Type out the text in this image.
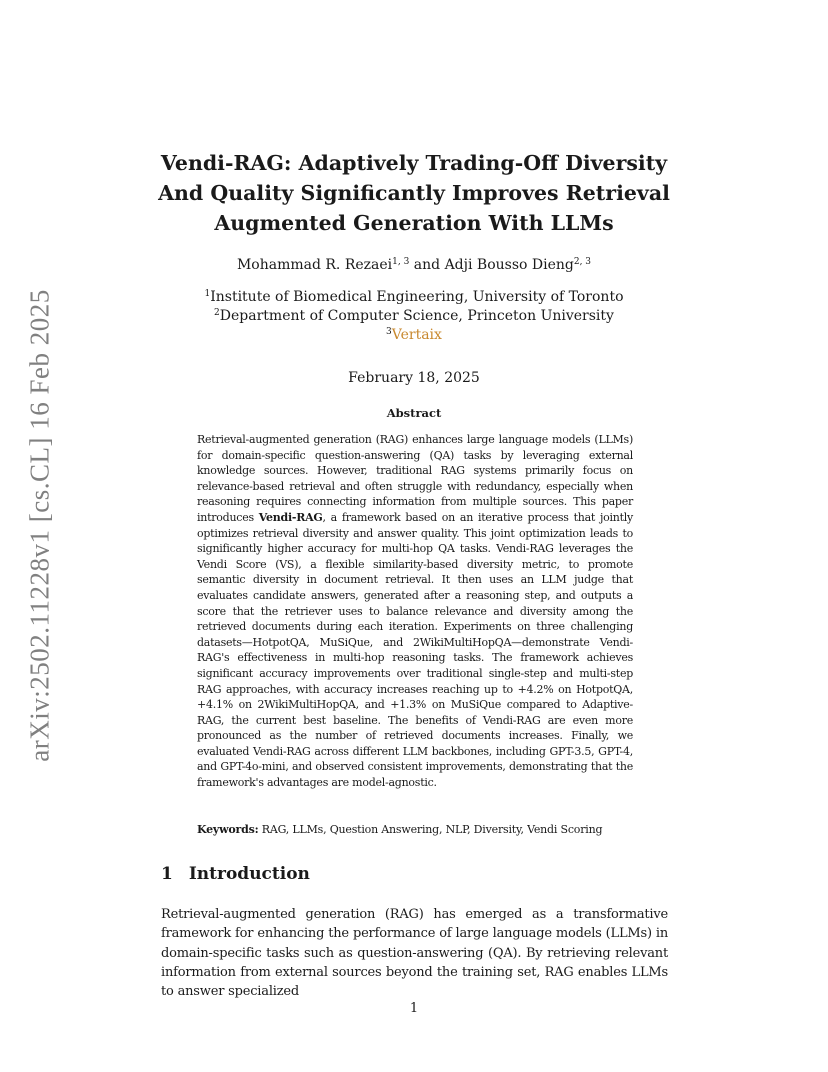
arXiv:2502.11228v1 [cs.CL] 16 Feb 2025
Vendi-RAG: Adaptively Trading-Off Diversity And Quality Significantly Improves Retrieval Augmented Generation With LLMs
Mohammad R. Rezaei$^{1, 3}$ and Adji Bousso Dieng$^{2, 3}$
$^1$Institute of Biomedical Engineering, University of Toronto
$^2$Department of Computer Science, Princeton University
$^3$Vertaix
February 18, 2025
Abstract

Retrieval-augmented generation (RAG) enhances large language models (LLMs) for domain-specific question-answering (QA) tasks by leveraging external knowledge sources. However, traditional RAG systems primarily focus on relevance-based retrieval and often struggle with redundancy, especially when reasoning requires connecting information from multiple sources. This paper introduces Vendi-RAG, a framework based on an iterative process that jointly optimizes retrieval diversity and answer quality. This joint optimization leads to significantly higher accuracy for multi-hop QA tasks. Vendi-RAG leverages the Vendi Score (VS), a flexible similarity-based diversity metric, to promote semantic diversity in document retrieval. It then uses an LLM judge that evaluates candidate answers, generated after a reasoning step, and outputs a score that the retriever uses to balance relevance and diversity among the retrieved documents during each iteration. Experiments on three challenging datasets—HotpotQA, MuSiQue, and 2WikiMultiHopQA—demonstrate Vendi-RAG's effectiveness in multi-hop reasoning tasks. The framework achieves significant accuracy improvements over traditional single-step and multi-step RAG approaches, with accuracy increases reaching up to +4.2% on HotpotQA, +4.1% on 2WikiMultiHopQA, and +1.3% on MuSiQue compared to Adaptive-RAG, the current best baseline. The benefits of Vendi-RAG are even more pronounced as the number of retrieved documents increases. Finally, we evaluated Vendi-RAG across different LLM backbones, including GPT-3.5, GPT-4, and GPT-4o-mini, and observed consistent improvements, demonstrating that the framework's advantages are model-agnostic.

Keywords: RAG, LLMs, Question Answering, NLP, Diversity, Vendi Scoring

1 Introduction

Retrieval-augmented generation (RAG) has emerged as a transformative framework for enhancing the performance of large language models (LLMs) in domain-specific tasks such as question-answering (QA). By retrieving relevant information from external sources beyond the training set, RAG enables LLMs to answer specialized

1
